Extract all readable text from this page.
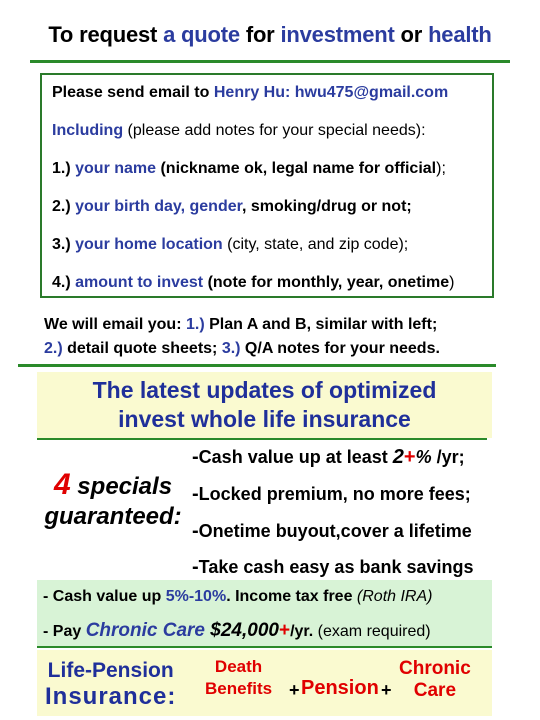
To request a quote for investment or health
Please send email to Henry Hu: hwu475@gmail.com
Including (please add notes for your special needs):
1.) your name (nickname ok, legal name for official);
2.) your birth day, gender, smoking/drug or not;
3.) your home location (city, state, and zip code);
4.) amount to invest (note for monthly, year, onetime)
We will email you: 1.) Plan A and B, similar with left;
2.) detail quote sheets; 3.) Q/A notes for your needs.
The latest updates of optimized
invest whole life insurance
4 specials
guaranteed:
-Cash value up at least 2+% /yr;
-Locked premium, no more fees;
-Onetime buyout,cover a lifetime
-Take cash easy as bank savings
- Cash value up 5%-10%. Income tax free (Roth IRA)
- Pay Chronic Care $24,000+/yr. (exam required)
Life-Pension
Insurance:
Death
Benefits + Pension +
Chronic
Care
